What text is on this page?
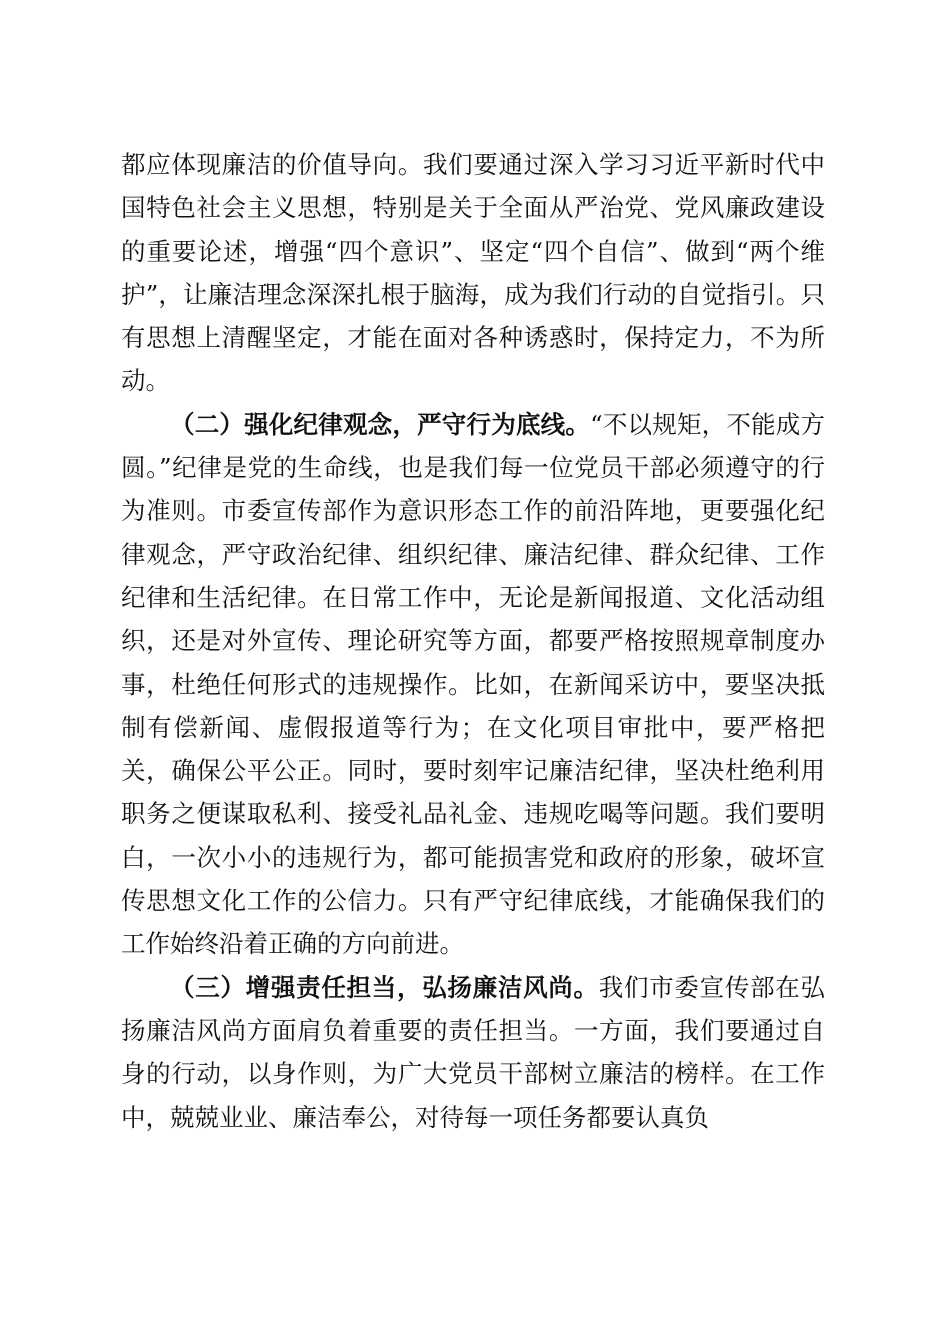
都应体现廉洁的价值导向。我们要通过深入学习习近平新时代中国特色社会主义思想，特别是关于全面从严治党、党风廉政建设的重要论述，增强“四个意识”、坚定“四个自信”、做到“两个维护”，让廉洁理念深深扎根于脑海，成为我们行动的自觉指引。只有思想上清醒坚定，才能在面对各种诱惑时，保持定力，不为所动。

（二）强化纪律观念，严守行为底线。“不以规矩，不能成方圆。”纪律是党的生命线，也是我们每一位党员干部必须遵守的行为准则。市委宣传部作为意识形态工作的前沿阵地，更要强化纪律观念，严守政治纪律、组织纪律、廉洁纪律、群众纪律、工作纪律和生活纪律。在日常工作中，无论是新闻报道、文化活动组织，还是对外宣传、理论研究等方面，都要严格按照规章制度办事，杜绝任何形式的违规操作。比如，在新闻采访中，要坚决抵制有偿新闻、虚假报道等行为；在文化项目审批中，要严格把关，确保公平公正。同时，要时刻牢记廉洁纪律，坚决杜绝利用职务之便谋取私利、接受礼品礼金、违规吃喝等问题。我们要明白，一次小小的违规行为，都可能损害党和政府的形象，破坏宣传思想文化工作的公信力。只有严守纪律底线，才能确保我们的工作始终沿着正确的方向前进。

（三）增强责任担当，弘扬廉洁风尚。我们市委宣传部在弘扬廉洁风尚方面肩负着重要的责任担当。一方面，我们要通过自身的行动，以身作则，为广大党员干部树立廉洁的榜样。在工作中，兢兢业业、廉洁奉公，对待每一项任务都要认真负
